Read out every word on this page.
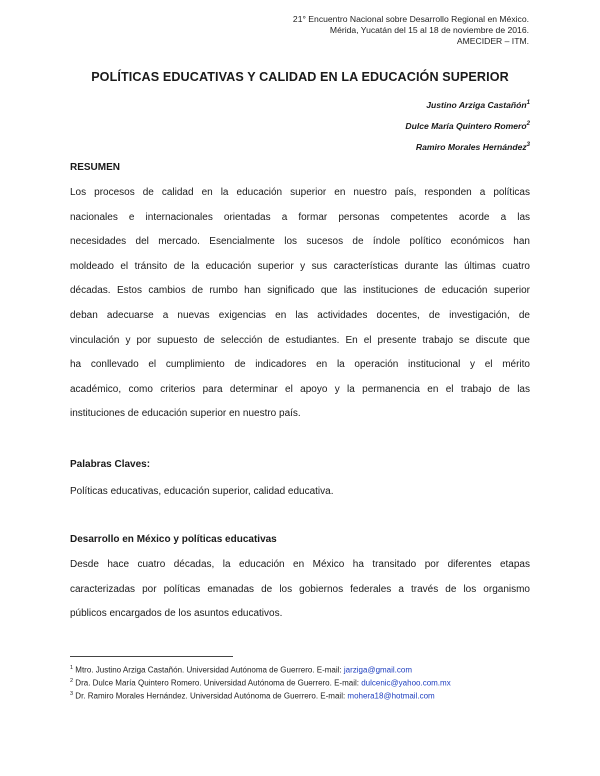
21° Encuentro Nacional sobre Desarrollo Regional en México.
Mérida, Yucatán del 15 al 18 de noviembre de 2016.
AMECIDER – ITM.
POLÍTICAS EDUCATIVAS Y CALIDAD EN LA EDUCACIÓN SUPERIOR
Justino Arziga Castañón$^1$
Dulce María Quintero Romero$^2$
Ramiro Morales Hernández$^3$
RESUMEN
Los procesos de calidad en la educación superior en nuestro país, responden a políticas
nacionales e internacionales orientadas a formar personas competentes acorde a las
necesidades del mercado. Esencialmente los sucesos de índole político económicos han
moldeado el tránsito de la educación superior y sus características durante las últimas cuatro
décadas. Estos cambios de rumbo han significado que las instituciones de educación superior
deban adecuarse a nuevas exigencias en las actividades docentes, de investigación, de
vinculación y por supuesto de selección de estudiantes. En el presente trabajo se discute que
ha conllevado el cumplimiento de indicadores en la operación institucional y el mérito
académico, como criterios para determinar el apoyo y la permanencia en el trabajo de las
instituciones de educación superior en nuestro país.
Palabras Claves:
Políticas educativas, educación superior, calidad educativa.
Desarrollo en México y políticas educativas
Desde hace cuatro décadas, la educación en México ha transitado por diferentes etapas
caracterizadas por políticas emanadas de los gobiernos federales a través de los organismo
públicos encargados de los asuntos educativos.
$^1$ Mtro. Justino Arziga Castañón. Universidad Autónoma de Guerrero. E-mail: jarziga@gmail.com
$^2$ Dra. Dulce María Quintero Romero. Universidad Autónoma de Guerrero. E-mail: dulcenic@yahoo.com.mx
$^3$ Dr. Ramiro Morales Hernández. Universidad Autónoma de Guerrero. E-mail: mohera18@hotmail.com
